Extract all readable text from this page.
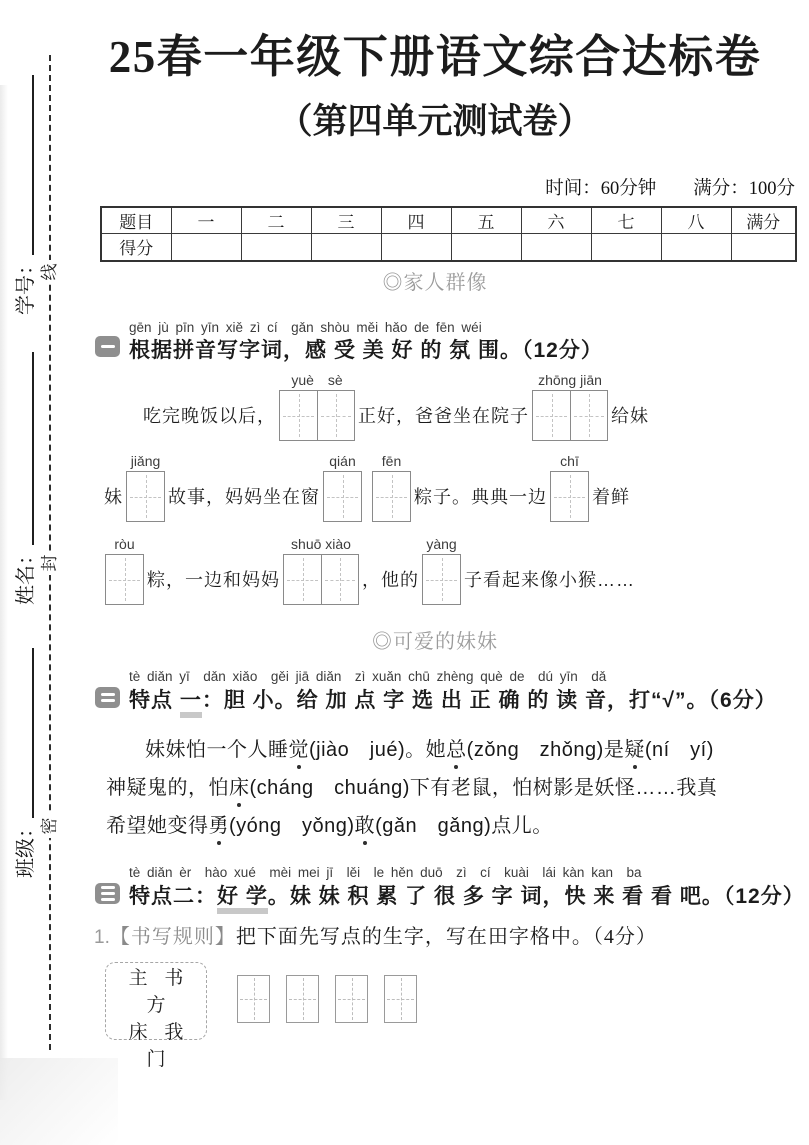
学号：
姓名：
班级：
线
封
密
25春一年级下册语文综合达标卷
（第四单元测试卷）
时间：60分钟　　满分：100分
题目	一	二	三	四	五	六	七	八	满分
得分									
◎家人群像
gēn jù pīn yīn xiě zì cí　gǎn shòu měi hǎo de fēn wéi
根据拼音写字词，感 受 美 好 的 氛 围。（12分）
吃完晚饭以后，
yuè sè
正好，爸爸坐在院子
zhōng jiān
给妹
妹
jiǎng
故事，妈妈坐在窗
qián fēn
粽子。典典一边
chī
着鲜
ròu
粽，一边和妈妈
shuō xiào
，他的
yàng
子看起来像小猴……
◎可爱的妹妹
tè diǎn yī　dǎn xiǎo　gěi jiā diǎn　zì xuǎn chū zhèng què de　dú yīn　dǎ
特点 一：胆 小。给 加 点 字 选 出 正 确 的 读 音，打“√”。（6分）
妹妹怕一个人睡觉(jiào jué)。她总(zǒng zhǒng)是疑(ní yí)
神疑鬼的，怕床(cháng chuáng)下有老鼠，怕树影是妖怪……我真
希望她变得勇(yóng yǒng)敢(gǎn gǎng)点儿。
tè diǎn èr　hào xué　mèi mei jī　lěi　le hěn duō　zì　cí　kuài　lái kàn kan　ba
特点二：好 学。妹 妹 积 累 了 很 多 字 词，快 来 看 看 吧。（12分）
1.【书写规则】把下面先写点的生字，写在田字格中。（4分）
主 书 方
床 我 门
